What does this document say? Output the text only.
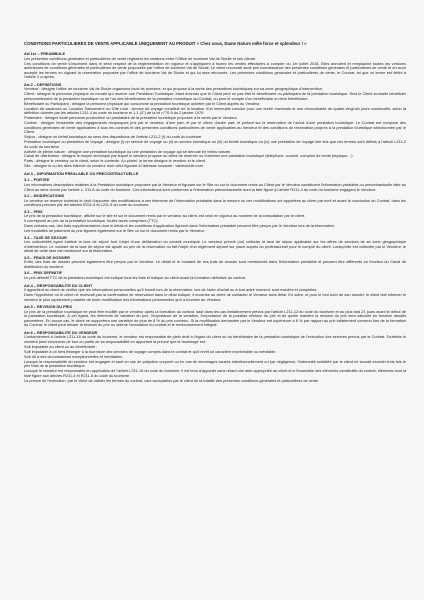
CONDITIONS PARTICULIERES DE VENTE APPLICABLE UNIQUEMENT AU PRODUIT « Chez nous, Dame Nature mêle force et splendeur ! »
Art.1er – PREAMBULE
Les présentes conditions générales et particulières de vente régissent les relations entre l'Office de tourisme Val de Sioule et ses clients.
Ces conditions de vente s'inscrivent dans le strict respect de la réglementation en vigueur et s'appliquent à toutes les ventes effectuées à compter du 1er juillet 2018. Elles annulent et remplacent toutes les versions antérieures de conditions générales et particulières de vente proposées par l'office de tourisme Val de Sioule. Le client reconnaît avoir pris connaissance des présentes conditions générales et particulières de vente et en avoir accepté les termes en signant la réservation proposée par l'office de tourisme Val de Sioule et qui lui sera retournée. Les présentes conditions générales et particulières de vente, le Contrat, tel que ce terme est défini à l'article 2 ci-après.
Art.2 – DEFINITIONS
Vendeur : désigne l'office de tourisme Val de Sioule organisme local de tourisme, et qui propose à la vente des prestations touristiques sur sa zone géographique d'intervention.
Client : désigne la personne physique ou morale qui réserve une Prestation Touristique, étant entendu que le Client peut ne pas être le bénéficiaire ou participant de la prestation touristique. Seul le Client souhaite bénéficier personnellement de la prestation touristique ou de l'un des bénéficiaires de la prestation touristique au Contrat, ou pour le compte d'un bénéficiaire un tiers bénéficiaire.
Bénéficiaire ou Participant : désigne la personne physique qui consomme la prestation touristique achetée par le Client auprès du Vendeur.
Location de vacances ou Location Saisonnière ou Gîte rural : service de voyage constitué de la location d'un immeuble conclue pour une durée maximale et non renouvelable de quatre-vingt-dix jours consécutifs, selon la définition donnée par les articles L211-4 du code du tourisme et 1-1 (2°) de la loi n°70-9 du 2 janvier 1970.
Partenaire : désigne toute personne productrice ou prestataire de la prestation touristique proposée à la vente par le Vendeur.
Contrat : désigne l'ensemble des engagements réciproques pris par le vendeur, d'une part, et par le client, d'autre part, et portant sur la réservation de l'achat d'une prestation touristique. Le Contrat est composé des conditions générales de vente applicables à tous les contrats et des présentes conditions particulières de vente applicables au Vendeur et des conditions de réservation propres à la prestation touristique sélectionnée par le Client.
Séjour : désigne un forfait touristique au sens des dispositions de l'article L211-2 (I) du code du tourisme.
Prestation touristique ou prestation de voyage : désigne (i) un service de voyage ou (ii) un service touristique ou (iii) un forfait touristique ou (iv) une prestation de voyage liée tels que ces termes sont définis à l'article L211-2 du code du tourisme.
Activité de pleine nature : désigne une prestation touristique ou une prestation de voyage qui se déroule en milieu naturel.
Canal de distribution : désigne le moyen technique par lequel le vendeur propose au client de réserver ou d'acheter une prestation touristique (téléphone, courriel, comptoir de vente physique…).
Parts : désigne le vendeur ou le client, selon le contexte. Au pluriel, le terme désigne le vendeur et le client.
Site : désigne le ou les sites internet du vendeur dont celui figurant à l'adresse suivante : valdesioule.com
Art.3 – INFORMATION PREALABLE OU PRECONTRACTUELLE
3.1 – PORTEE
Les informations descriptives relatives à la Prestation touristique proposée par le Vendeur et figurant sur le Site ou sur le document remis au Client par le Vendeur constituent l'information préalable ou précontractuelle faite au Client au sens donné par l'article L. 211-8 du code du tourisme. Ces informations sont conformes à l'information précontractuelle dont la liste figure à l'article R211-4 du code du tourisme engagent le Vendeur.
3.2 – MODIFICATIONS
Le vendeur se réserve toutefois le droit d'apporter des modifications à ces éléments de l'information préalable dans la mesure où ces modifications ont apportées au client par écrit et avant la conclusion du Contrat, dans les conditions prévues par les articles R211-5 et L211-9 du code du tourisme.
3.3 – PRIX
Le prix de la prestation touristique, affiché sur le site et sur le document remis par le vendeur au client, est celui en vigueur au moment de la consultation par le client.
Il correspond au prix de la prestation touristique, toutes taxes comprises (TTC).
Dans certains cas, des frais supplémentaires dont le détail et les conditions d'application figurent dans l'information préalable peuvent être perçus par le Vendeur lors de la réservation.
Les modalités de paiement du prix figurent également sur le Site ou sur le document remis par le Vendeur.
3.4 – TAXE DE SEJOUR
Les collectivités ayant institué la taxe de séjour font l'objet d'une délibération du conseil municipal. Le vendeur prévoit (ou) collecter la taxe de séjour applicable sur les offres de services de sa zone géographique d'intervention. Le montant de la taxe de séjour est ajouté au prix de la réservation ou fait l'objet d'un règlement séparé sur place auprès du professionnel pour le compte du client. Lorsqu'elle est collectée par le Vendeur, le détail de cette taxe est mentionné sur la réservation.
3.5 – FRAIS DE DOSSIER
Enfin, des frais de dossier peuvent également être perçus par le Vendeur. Le détail et le montant de ces frais de dossier sont mentionnés dans l'information préalable et peuvent être différents en fonction du Canal de distribution du vendeur.
3.6 – PRIX DEFINITIF
Le prix définitif TTC de la prestation touristique est indiqué tous les frais et indiqué au client avant la formation définitive du contrat.
Art.4 – RESPONSABILITE DU CLIENT
Il appartient au client de vérifier que les informations personnelles qu'il fournit lors de la réservation, lors de l'acte d'achat ou à tout autre moment, sont exactes et complètes.
Dans l'hypothèse où le client ne recevrait pas la confirmation de réservation dans le délai indiqué, il incombe au client de contacter le Vendeur sans délai. En outre, et pour le bon suivi de son dossier, le client doit informer le vendeur le plus rapidement possible de toute modification des informations personnelles qu'il a fournies au Vendeur.
Art.5 – REVISION DU PRIX
Le prix de la prestation touristique ne peut être modifié par le vendeur après la formation du contrat, sauf dans les cas limitativement prévus par l'article L211-12 du code du tourisme et au plus tard 21 jours avant le début de la prestation touristique. À cet égard, les éléments de variation du prix, l'importance de la variation, l'importance de la possible révision du prix et de quelle manière la révision du prix sera calculée en fonction desdits paramètres. En aucun cas, le client ne supportera une variation de plus de 8 % du prix convenu. Si la modification demandée par le Vendeur est supérieure à 8 % par rapport au prix initialement convenu lors de la formation du Contrat, le client peut refuser la révision du prix ou obtenir l'annulation du contrat et le remboursement intégral.
Art.6 – RESPONSABILITE DU VENDEUR
Conformément à l'article L211-16 du code du tourisme, le vendeur est responsable de plein droit à l'égard du client ou du bénéficiaire de la prestation touristique de l'exécution des services prévus par le Contrat. Toutefois le vendeur peut s'exonérer de tout ou partie de sa responsabilité en apportant la preuve que le dommage est :
Soit imputable au client ou au bénéficiaire ;
Soit imputable à un tiers étranger à la fourniture des services de voyage compris dans le contrat et qu'il revêt un caractère imprévisible ou inévitable.
Soit dû à des circonstances exceptionnelles et inévitables.
Lorsque la responsabilité du vendeur est engagée et sauf en cas de préjudice corporel ou en cas de dommages causés intentionnellement ou par négligence, l'indemnité sollicitée par le client ne saurait excéder trois fois le prix total de la prestation touristique.
Lorsque le vendeur est responsable en application de l'article L211-16 du code du tourisme, il est tenu d'apporter sans retard une aide appropriée au client et à l'ensemble des éléments constitutifs du contrat, éléments dont la liste figure aux articles R211-4 et R211-6 du code du tourisme.
La preuve de l'exécution, par le client de valider les termes du contrat, vaut acceptation par le client de la totalité des présentes conditions générales et particulières de vente.
